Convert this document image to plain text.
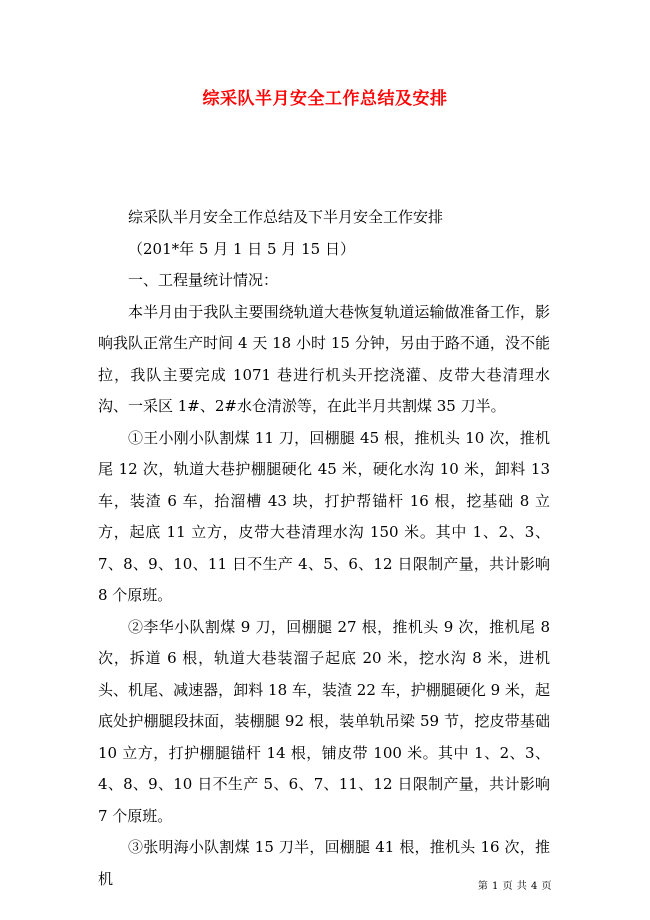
综采队半月安全工作总结及安排

综采队半月安全工作总结及下半月安全工作安排

（201*年 5 月 1 日 5 月 15 日）

一、工程量统计情况：

本半月由于我队主要围绕轨道大巷恢复轨道运输做准备工作，影响我队正常生产时间 4 天 18 小时 15 分钟，另由于路不通，没不能拉，我队主要完成 1071 巷进行机头开挖浇灌、皮带大巷清理水沟、一采区 1#、2#水仓清淤等，在此半月共割煤 35 刀半。

①王小刚小队割煤 11 刀，回棚腿 45 根，推机头 10 次，推机尾 12 次，轨道大巷护棚腿硬化 45 米，硬化水沟 10 米，卸料 13 车，装渣 6 车，抬溜槽 43 块，打护帮锚杆 16 根，挖基础 8 立方，起底 11 立方，皮带大巷清理水沟 150 米。其中 1、2、3、7、8、9、10、11 日不生产 4、5、6、12 日限制产量，共计影响 8 个原班。

②李华小队割煤 9 刀，回棚腿 27 根，推机头 9 次，推机尾 8 次，拆道 6 根，轨道大巷装溜子起底 20 米，挖水沟 8 米，进机头、机尾、减速器，卸料 18 车，装渣 22 车，护棚腿硬化 9 米，起底处护棚腿段抹面，装棚腿 92 根，装单轨吊梁 59 节，挖皮带基础 10 立方，打护棚腿锚杆 14 根，铺皮带 100 米。其中 1、2、3、4、8、9、10 日不生产 5、6、7、11、12 日限制产量，共计影响 7 个原班。

③张明海小队割煤 15 刀半，回棚腿 41 根，推机头 16 次，推机	第 1 页 共 4 页
